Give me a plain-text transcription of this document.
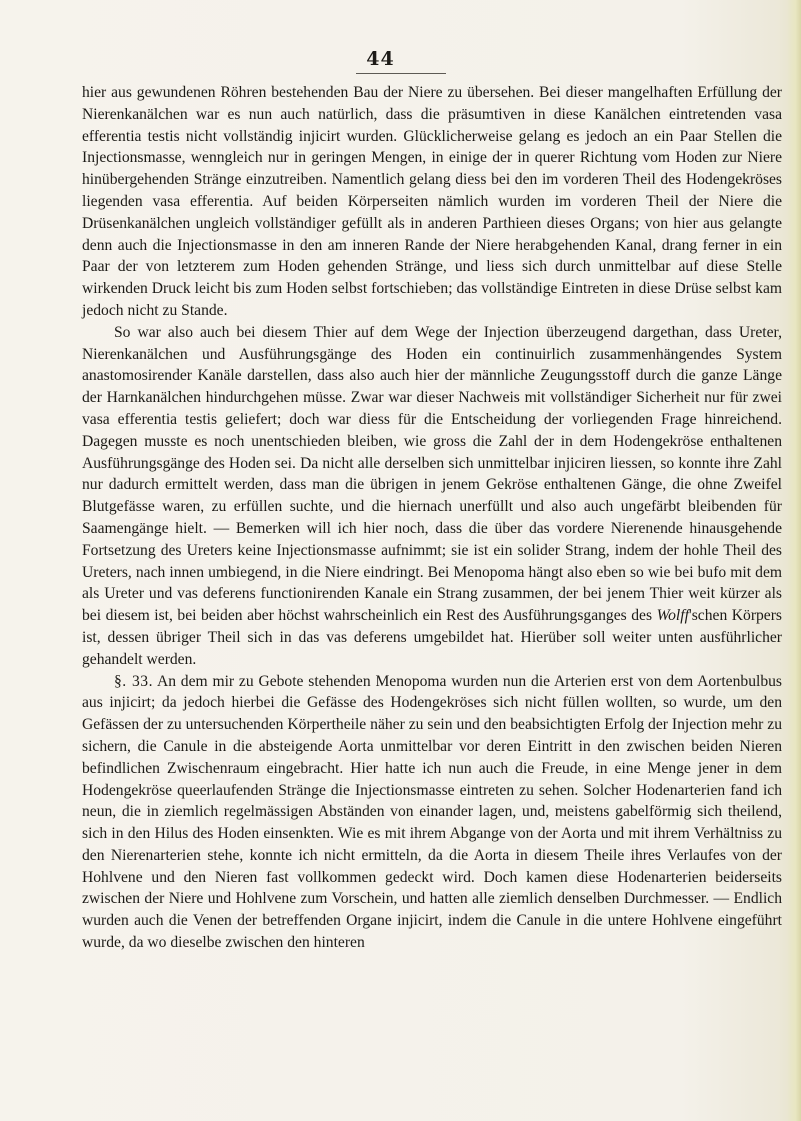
44

hier aus gewundenen Röhren bestehenden Bau der Niere zu übersehen. Bei dieser mangelhaften Erfüllung der Nierenkanälchen war es nun auch natürlich, dass die präsumtiven in diese Kanälchen eintretenden vasa efferentia testis nicht vollständig injicirt wurden. Glücklicherweise gelang es jedoch an ein Paar Stellen die Injectionsmasse, wenngleich nur in geringen Mengen, in einige der in querer Richtung vom Hoden zur Niere hinübergehenden Stränge einzutreiben. Namentlich gelang diess bei den im vorderen Theil des Hodengekröses liegenden vasa efferentia. Auf beiden Körperseiten nämlich wurden im vorderen Theil der Niere die Drüsenkanälchen ungleich vollständiger gefüllt als in anderen Parthieen dieses Organs; von hier aus gelangte denn auch die Injectionsmasse in den am inneren Rande der Niere herabgehenden Kanal, drang ferner in ein Paar der von letzterem zum Hoden gehenden Stränge, und liess sich durch unmittelbar auf diese Stelle wirkenden Druck leicht bis zum Hoden selbst fortschieben; das vollständige Eintreten in diese Drüse selbst kam jedoch nicht zu Stande.

So war also auch bei diesem Thier auf dem Wege der Injection überzeugend dargethan, dass Ureter, Nierenkanälchen und Ausführungsgänge des Hoden ein continuirlich zusammenhängendes System anastomosirender Kanäle darstellen, dass also auch hier der männliche Zeugungsstoff durch die ganze Länge der Harnkanälchen hindurchgehen müsse. Zwar war dieser Nachweis mit vollständiger Sicherheit nur für zwei vasa efferentia testis geliefert; doch war diess für die Entscheidung der vorliegenden Frage hinreichend. Dagegen musste es noch unentschieden bleiben, wie gross die Zahl der in dem Hodengekröse enthaltenen Ausführungsgänge des Hoden sei. Da nicht alle derselben sich unmittelbar injiciren liessen, so konnte ihre Zahl nur dadurch ermittelt werden, dass man die übrigen in jenem Gekröse enthaltenen Gänge, die ohne Zweifel Blutgefässe waren, zu erfüllen suchte, und die hiernach unerfüllt und also auch ungefärbt bleibenden für Saamengänge hielt. — Bemerken will ich hier noch, dass die über das vordere Nierenende hinausgehende Fortsetzung des Ureters keine Injectionsmasse aufnimmt; sie ist ein solider Strang, indem der hohle Theil des Ureters, nach innen umbiegend, in die Niere eindringt. Bei Menopoma hängt also eben so wie bei bufo mit dem als Ureter und vas deferens functionirenden Kanale ein Strang zusammen, der bei jenem Thier weit kürzer als bei diesem ist, bei beiden aber höchst wahrscheinlich ein Rest des Ausführungsganges des Wolff'schen Körpers ist, dessen übriger Theil sich in das vas deferens umgebildet hat. Hierüber soll weiter unten ausführlicher gehandelt werden.

§. 33. An dem mir zu Gebote stehenden Menopoma wurden nun die Arterien erst von dem Aortenbulbus aus injicirt; da jedoch hierbei die Gefässe des Hodengekröses sich nicht füllen wollten, so wurde, um den Gefässen der zu untersuchenden Körpertheile näher zu sein und den beabsichtigten Erfolg der Injection mehr zu sichern, die Canule in die absteigende Aorta unmittelbar vor deren Eintritt in den zwischen beiden Nieren befindlichen Zwischenraum eingebracht. Hier hatte ich nun auch die Freude, in eine Menge jener in dem Hodengekröse queerlaufenden Stränge die Injectionsmasse eintreten zu sehen. Solcher Hodenarterien fand ich neun, die in ziemlich regelmässigen Abständen von einander lagen, und, meistens gabelförmig sich theilend, sich in den Hilus des Hoden einsenkten. Wie es mit ihrem Abgange von der Aorta und mit ihrem Verhältniss zu den Nierenarterien stehe, konnte ich nicht ermitteln, da die Aorta in diesem Theile ihres Verlaufes von der Hohlvene und den Nieren fast vollkommen gedeckt wird. Doch kamen diese Hodenarterien beiderseits zwischen der Niere und Hohlvene zum Vorschein, und hatten alle ziemlich denselben Durchmesser. — Endlich wurden auch die Venen der betreffenden Organe injicirt, indem die Canule in die untere Hohlvene eingeführt wurde, da wo dieselbe zwischen den hinteren
